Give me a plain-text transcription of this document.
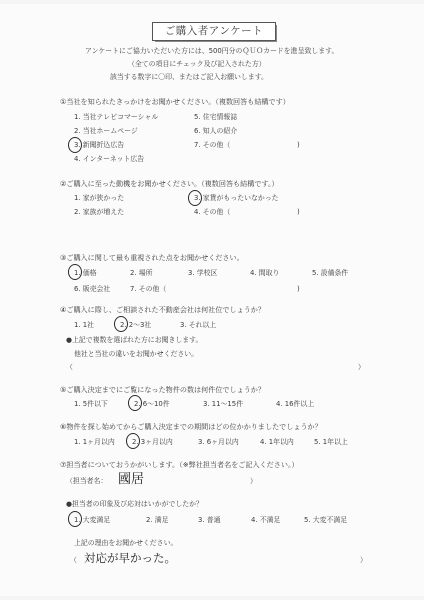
ご購入者アンケート
アンケートにご協力いただいた方には、500円分のＱＵＯカードを進呈致します。
（全ての項目にチェック及び記入された方）
該当する数字に〇印、またはご記入お願いします。
①当社を知られたきっかけをお聞かせください。（複数回答も結構です）
1. 当社テレビコマーシャル	5. 住宅情報誌
2. 当社ホームページ	6. 知人の紹介
3. 新聞折込広告	7. その他（	)
4. インターネット広告
②ご購入に至った動機をお聞かせください。（複数回答も結構です。）
1. 家が狭かった	3. 家賃がもったいなかった
2. 家族が増えた	4. その他（	)
③ご購入に関して最も重視された点をお聞かせください。
1. 価格	2. 場所	3. 学校区	4. 間取り	5. 設備条件
6. 販売会社	7. その他（	)
④ご購入に際し、ご相談された不動産会社は何社位でしょうか？
1. 1社	2. 2〜3社	3. それ以上
●上記で複数を選ばれた方にお聞きします。
他社と当社の違いをお聞かせください。
（	）
⑤ご購入決定までにご覧になった物件の数は何件位でしょうか？
1. 5件以下	2. 6〜10件	3. 11〜15件	4. 16件以上
⑥物件を探し始めてからご購入決定までの期間はどの位かかりましたでしょうか？
1. 1ヶ月以内	2. 3ヶ月以内	3. 6ヶ月以内	4. 1年以内	5. 1年以上
⑦担当者についておうかがいします。（※弊社担当者名をご記入ください。）
（担当者名： 國居	）
●担当者の印象及び応対はいかがでしたか？
1. 大変満足	2. 満足	3. 普通	4. 不満足	5. 大変不満足
上記の理由をお聞かせください。
（ 対応が早かった。	）
